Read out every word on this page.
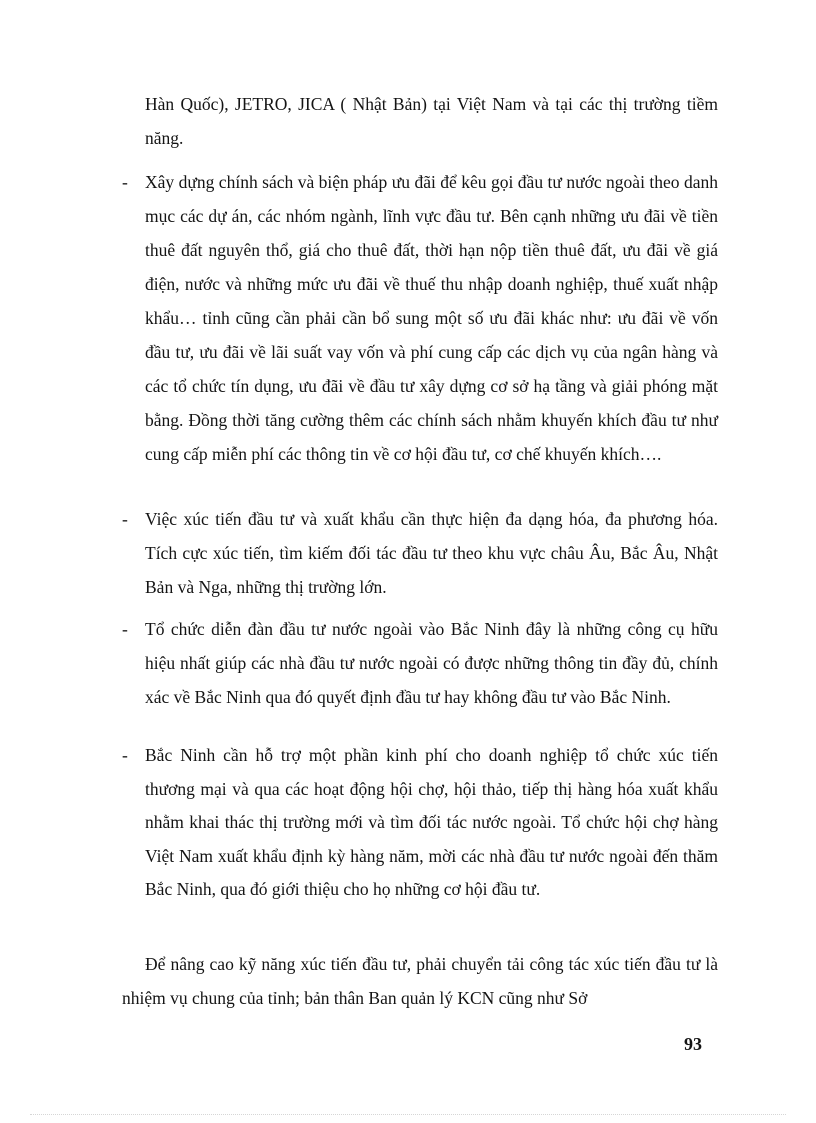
Hàn Quốc), JETRO, JICA ( Nhật Bản) tại Việt Nam và tại các thị trường tiềm năng.

- Xây dựng chính sách và biện pháp ưu đãi để kêu gọi đầu tư nước ngoài theo danh mục các dự án, các nhóm ngành, lĩnh vực đầu tư. Bên cạnh những ưu đãi về tiền thuê đất nguyên thổ, giá cho thuê đất, thời hạn nộp tiền thuê đất, ưu đãi về giá điện, nước và những mức ưu đãi về thuế thu nhập doanh nghiệp, thuế xuất nhập khẩu… tỉnh cũng cần phải cần bổ sung một số ưu đãi khác như: ưu đãi về vốn đầu tư, ưu đãi về lãi suất vay vốn và phí cung cấp các dịch vụ của ngân hàng và các tổ chức tín dụng, ưu đãi về đầu tư xây dựng cơ sở hạ tầng và giải phóng mặt bằng. Đồng thời tăng cường thêm các chính sách nhằm khuyến khích đầu tư như cung cấp miễn phí các thông tin về cơ hội đầu tư, cơ chế khuyến khích….

- Việc xúc tiến đầu tư và xuất khẩu cần thực hiện đa dạng hóa, đa phương hóa. Tích cực xúc tiến, tìm kiếm đối tác đầu tư theo khu vực châu Âu, Bắc Âu, Nhật Bản và Nga, những thị trường lớn.

- Tổ chức diễn đàn đầu tư nước ngoài vào Bắc Ninh đây là những công cụ hữu hiệu nhất giúp các nhà đầu tư nước ngoài có được những thông tin đầy đủ, chính xác về Bắc Ninh qua đó quyết định đầu tư hay không đầu tư vào Bắc Ninh.

- Bắc Ninh cần hỗ trợ một phần kinh phí cho doanh nghiệp tổ chức xúc tiến thương mại và qua các hoạt động hội chợ, hội thảo, tiếp thị hàng hóa xuất khẩu nhằm khai thác thị trường mới và tìm đối tác nước ngoài. Tổ chức hội chợ hàng Việt Nam xuất khẩu định kỳ hàng năm, mời các nhà đầu tư nước ngoài đến thăm Bắc Ninh, qua đó giới thiệu cho họ những cơ hội đầu tư.

Để nâng cao kỹ năng xúc tiến đầu tư, phải chuyển tải công tác xúc tiến đầu tư là nhiệm vụ chung của tỉnh; bản thân Ban quản lý KCN cũng như Sở

93
